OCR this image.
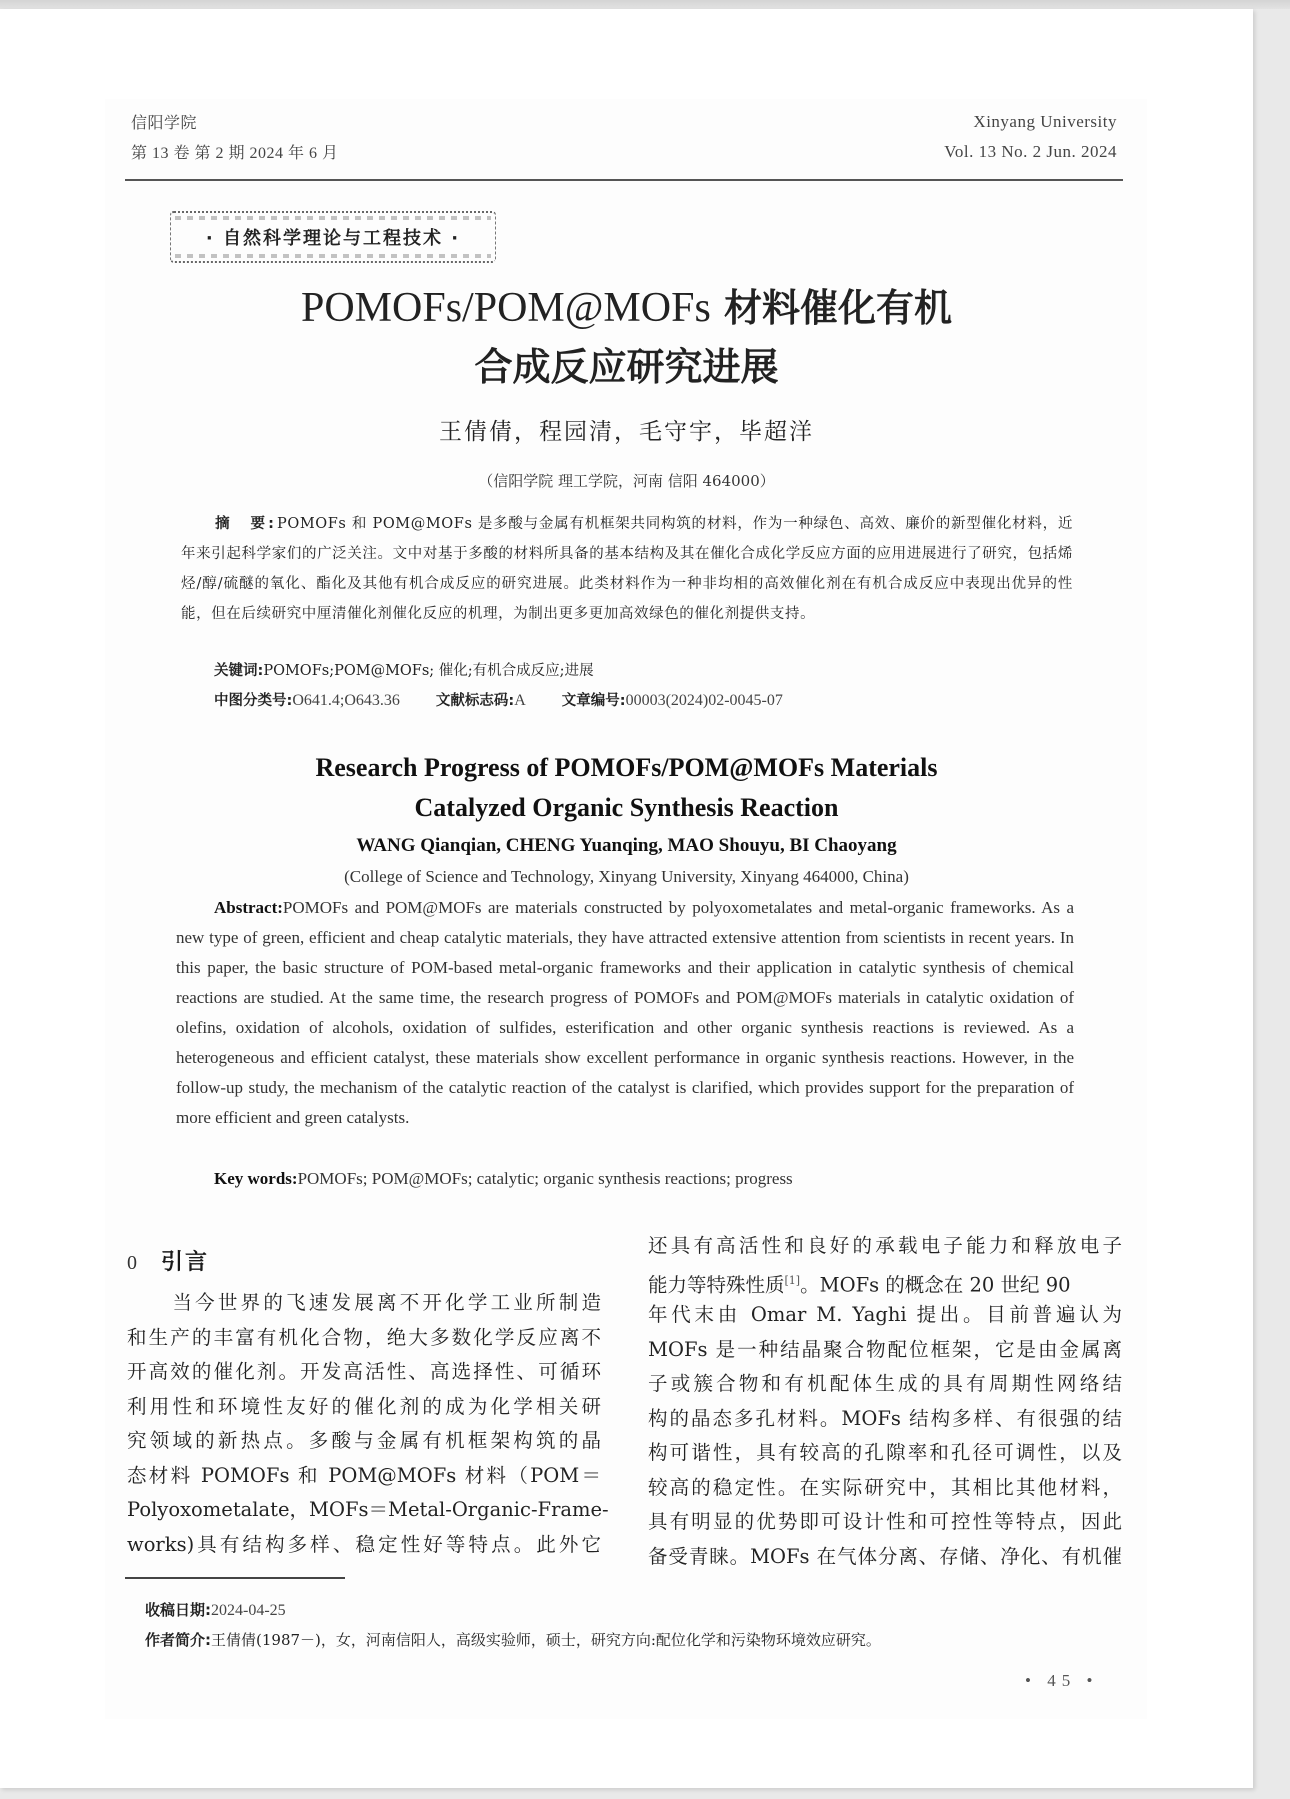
信阳学院
第 13 卷 第 2 期 2024 年 6 月
Xinyang University
Vol. 13 No. 2 Jun. 2024
· 自然科学理论与工程技术 ·
POMOFs/POM@MOFs 材料催化有机
合成反应研究进展
王倩倩，程园清，毛守宇，毕超洋
（信阳学院 理工学院，河南 信阳 464000）
摘　要:POMOFs 和 POM@MOFs 是多酸与金属有机框架共同构筑的材料，作为一种绿色、高效、廉价的新型催化材料，近年来引起科学家们的广泛关注。文中对基于多酸的材料所具备的基本结构及其在催化合成化学反应方面的应用进展进行了研究，包括烯烃/醇/硫醚的氧化、酯化及其他有机合成反应的研究进展。此类材料作为一种非均相的高效催化剂在有机合成反应中表现出优异的性能，但在后续研究中厘清催化剂催化反应的机理，为制出更多更加高效绿色的催化剂提供支持。
关键词:POMOFs;POM@MOFs; 催化;有机合成反应;进展
中图分类号:O641.4;O643.36 文献标志码:A 文章编号:00003(2024)02-0045-07
Research Progress of POMOFs/POM@MOFs Materials
Catalyzed Organic Synthesis Reaction
WANG Qianqian, CHENG Yuanqing, MAO Shouyu, BI Chaoyang
(College of Science and Technology, Xinyang University, Xinyang 464000, China)

Abstract:POMOFs and POM@MOFs are materials constructed by polyoxometalates and metal-organic frameworks. As a new type of green, efficient and cheap catalytic materials, they have attracted extensive attention from scientists in recent years. In this paper, the basic structure of POM-based metal-organic frameworks and their application in catalytic synthesis of chemical reactions are studied. At the same time, the research progress of POMOFs and POM@MOFs materials in catalytic oxidation of olefins, oxidation of alcohols, oxidation of sulfides, esterification and other organic synthesis reactions is reviewed. As a heterogeneous and efficient catalyst, these materials show excellent performance in organic synthesis reactions. However, in the follow-up study, the mechanism of the catalytic reaction of the catalyst is clarified, which provides support for the preparation of more efficient and green catalysts.

Key words:POMOFs; POM@MOFs; catalytic; organic synthesis reactions; progress
0 引言
　　当今世界的飞速发展离不开化学工业所制造
和生产的丰富有机化合物，绝大多数化学反应离不
开高效的催化剂。开发高活性、高选择性、可循环
利用性和环境性友好的催化剂的成为化学相关研
究领域的新热点。多酸与金属有机框架构筑的晶
态材料 POMOFs 和 POM@MOFs 材料（POM＝
Polyoxometalate，MOFs＝Metal-Organic-Frame-
works)具有结构多样、稳定性好等特点。此外它
还具有高活性和良好的承载电子能力和释放电子
能力等特殊性质[1]。MOFs 的概念在 20 世纪 90
年代末由 Omar M. Yaghi 提出。目前普遍认为
MOFs 是一种结晶聚合物配位框架，它是由金属离
子或簇合物和有机配体生成的具有周期性网络结
构的晶态多孔材料。MOFs 结构多样、有很强的结
构可谐性，具有较高的孔隙率和孔径可调性，以及
较高的稳定性。在实际研究中，其相比其他材料，
具有明显的优势即可设计性和可控性等特点，因此
备受青睐。MOFs 在气体分离、存储、净化、有机催
收稿日期:2024-04-25
作者简介:王倩倩(1987－)，女，河南信阳人，高级实验师，硕士，研究方向:配位化学和污染物环境效应研究。
• 45 •
